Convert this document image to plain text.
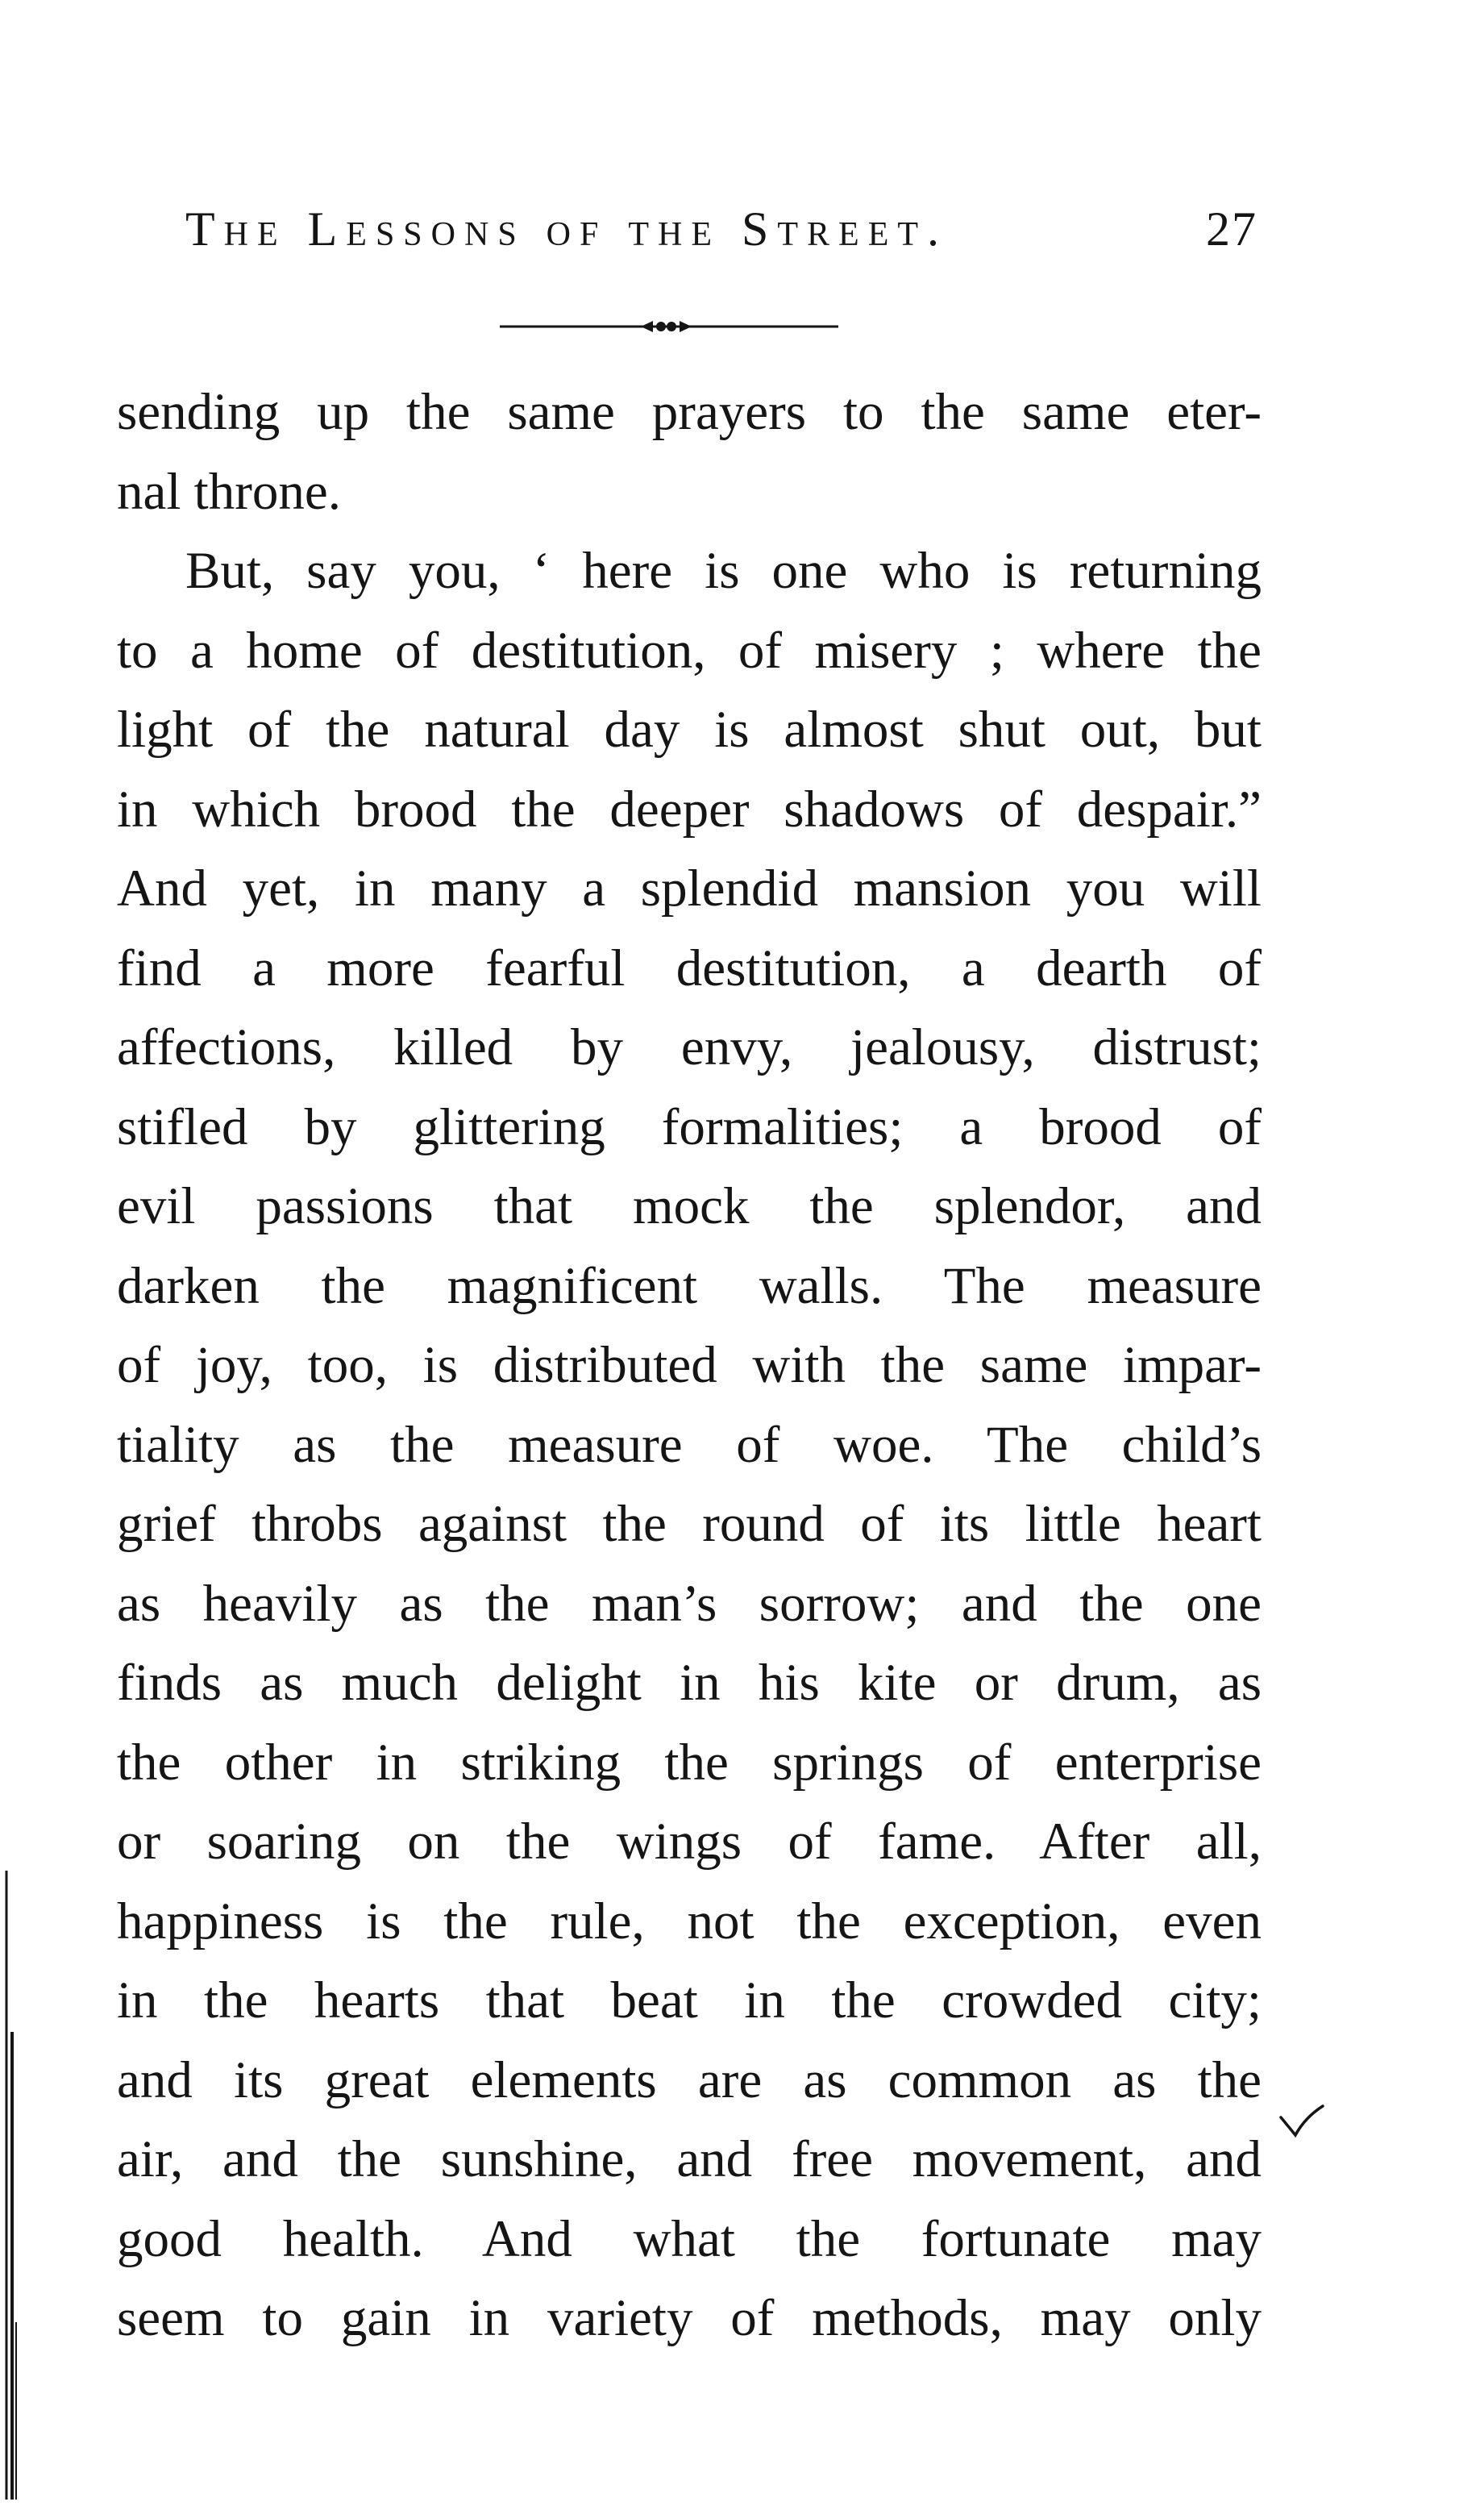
The Lessons of the Street.	27
sending up the same prayers to the same eter-
nal throne.
But, say you, ‘ here is one who is returning
to a home of destitution, of misery ; where the
light of the natural day is almost shut out, but
in which brood the deeper shadows of despair.”
And yet, in many a splendid mansion you will
find a more fearful destitution, a dearth of
affections, killed by envy, jealousy, distrust;
stifled by glittering formalities; a brood of
evil passions that mock the splendor, and
darken the magnificent walls. The measure
of joy, too, is distributed with the same impar-
tiality as the measure of woe. The child’s
grief throbs against the round of its little heart
as heavily as the man’s sorrow; and the one
finds as much delight in his kite or drum, as
the other in striking the springs of enterprise
or soaring on the wings of fame. After all,
happiness is the rule, not the exception, even
in the hearts that beat in the crowded city;
and its great elements are as common as the
air, and the sunshine, and free movement, and
good health. And what the fortunate may
seem to gain in variety of methods, may only
